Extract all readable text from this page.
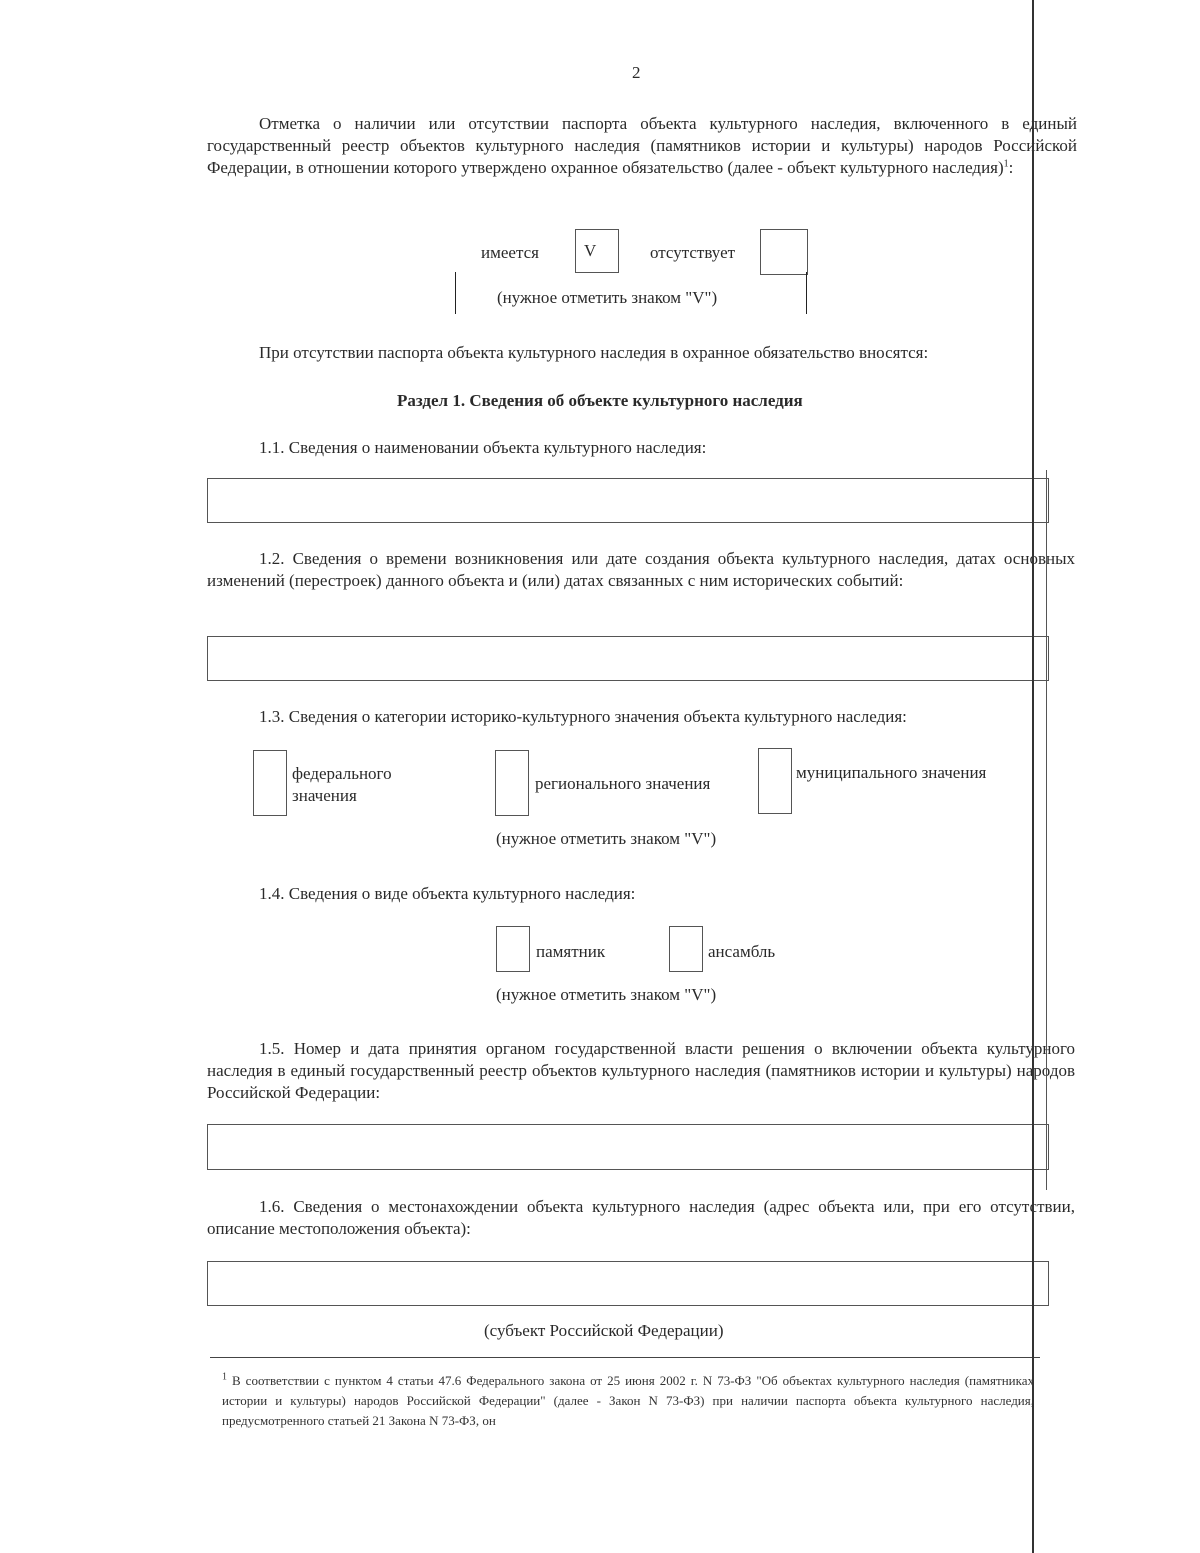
2
Отметка о наличии или отсутствии паспорта объекта культурного наследия, включенного в единый государственный реестр объектов культурного наследия (памятников истории и культуры) народов Российской Федерации, в отношении которого утверждено охранное обязательство (далее - объект культурного наследия)$^1$:
имеется	V	отсутствует
(нужное отметить знаком "V")
При отсутствии паспорта объекта культурного наследия в охранное обязательство вносятся:
Раздел 1. Сведения об объекте культурного наследия
1.1. Сведения о наименовании объекта культурного наследия:
1.2. Сведения о времени возникновения или дате создания объекта культурного наследия, датах основных изменений (перестроек) данного объекта и (или) датах связанных с ним исторических событий:
1.3. Сведения о категории историко-культурного значения объекта культурного наследия:
федерального значения
регионального значения
муниципального значения
(нужное отметить знаком "V")
1.4. Сведения о виде объекта культурного наследия:
памятник	ансамбль
(нужное отметить знаком "V")
1.5. Номер и дата принятия органом государственной власти решения о включении объекта культурного наследия в единый государственный реестр объектов культурного наследия (памятников истории и культуры) народов Российской Федерации:
1.6. Сведения о местонахождении объекта культурного наследия (адрес объекта или, при его отсутствии, описание местоположения объекта):
(субъект Российской Федерации)
$^1$ В соответствии с пунктом 4 статьи 47.6 Федерального закона от 25 июня 2002 г. N 73-ФЗ "Об объектах культурного наследия (памятниках истории и культуры) народов Российской Федерации" (далее - Закон N 73-ФЗ) при наличии паспорта объекта культурного наследия, предусмотренного статьей 21 Закона N 73-ФЗ, он
